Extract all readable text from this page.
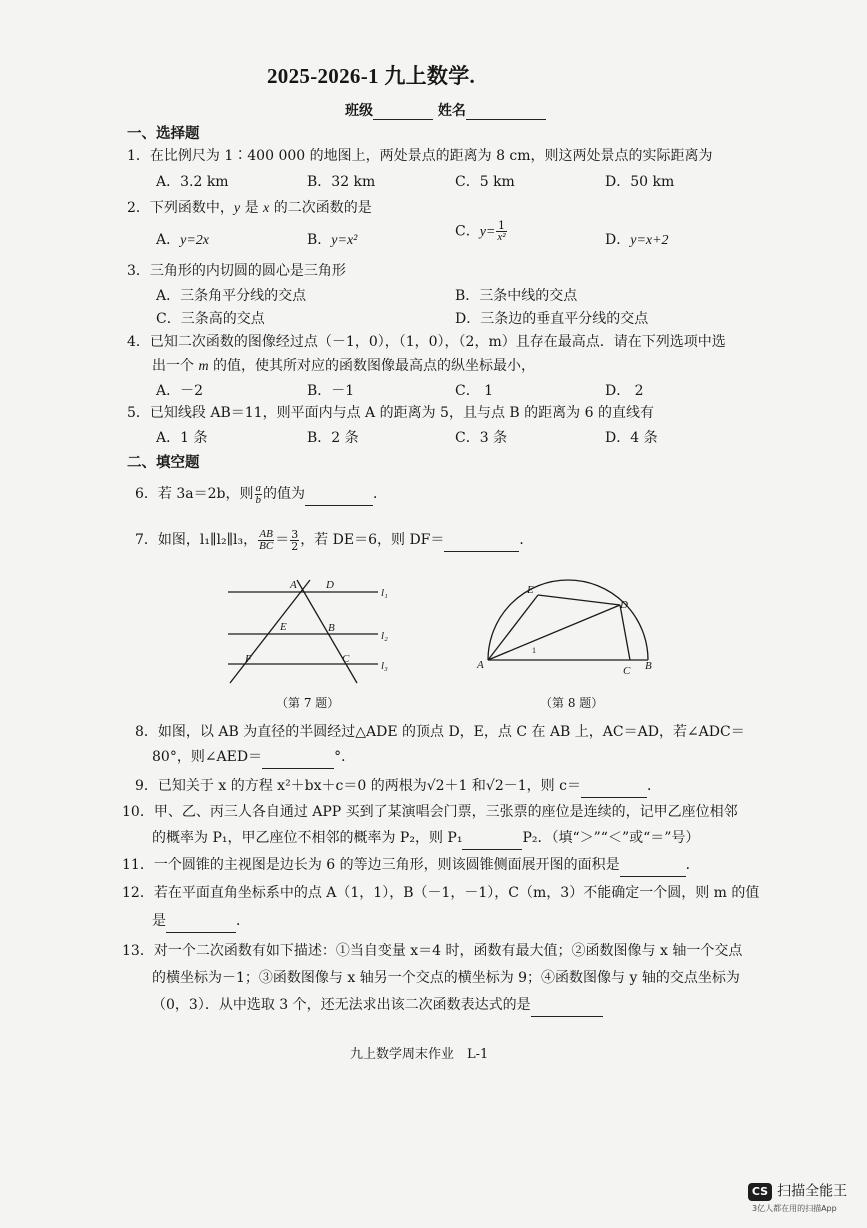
2025-2026-1 九上数学.
班级	姓名
一、选择题
1．在比例尺为 1∶400 000 的地图上，两处景点的距离为 8 cm，则这两处景点的实际距离为
A．3.2 km	B．32 km	C．5 km	D．50 km
2．下列函数中，y 是 x 的二次函数的是
A．y=2x	B．y=x²
C．$y= \frac{1}{\text{x²}}$	D．y=x+2
3．三角形的内切圆的圆心是三角形
A．三条角平分线的交点	B．三条中线的交点
C．三条高的交点	D．三条边的垂直平分线的交点
4．已知二次函数的图像经过点（－1，0），（1，0），（2，m）且存在最高点．请在下列选项中选
出一个 m 的值，使其所对应的函数图像最高点的纵坐标最小，
A．－2	B．－1	C． 1	D． 2
5．已知线段 AB＝11，则平面内与点 A 的距离为 5，且与点 B 的距离为 6 的直线有
A．1 条	B．2 条	C．3 条	D．4 条
二、填空题
6．若 3a＝2b，则 $\frac{a}{b}$ 的值为	．
7．如图，l₁∥l₂∥l₃， $\frac{AB}{BC} = \frac{3}{2}$ ，若 DE＝6，则 DF＝	．
A	D
E	B
F	C
l₁
l₂
l₃
（第 7 题）
E
D
A	C B
1
（第 8 题）
8．如图，以 AB 为直径的半圆经过△ADE 的顶点 D，E，点 C 在 AB 上，AC＝AD，若∠ADC＝
80°，则∠AED＝	°．
9．已知关于 x 的方程 x²＋bx＋c＝0 的两根为√2＋1 和√2－1，则 c＝	．
10．甲、乙、丙三人各自通过 APP 买到了某演唱会门票，三张票的座位是连续的，记甲乙座位相邻
的概率为 P₁，甲乙座位不相邻的概率为 P₂，则 P₁	P₂．（填“＞”“＜”或“＝”号）
11．一个圆锥的主视图是边长为 6 的等边三角形，则该圆锥侧面展开图的面积是	．
12．若在平面直角坐标系中的点 A（1，1），B（－1，－1），C（m，3）不能确定一个圆，则 m 的值
是	．
13．对一个二次函数有如下描述：①当自变量 x＝4 时，函数有最大值；②函数图像与 x 轴一个交点
的横坐标为－1；③函数图像与 x 轴另一个交点的横坐标为 9；④函数图像与 y 轴的交点坐标为
（0，3）．从中选取 3 个，还无法求出该二次函数表达式的是
九上数学周末作业　L-1
CS 扫描全能王
3亿人都在用的扫描App
